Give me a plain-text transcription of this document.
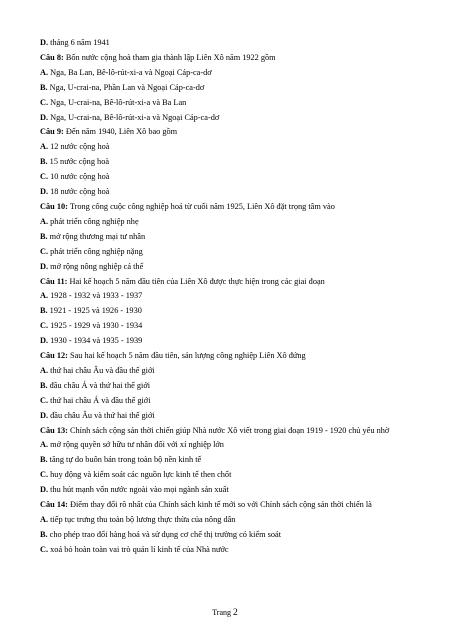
D. tháng 6 năm 1941
Câu 8: Bốn nước cộng hoà tham gia thành lập Liên Xô năm 1922 gồm
A. Nga, Ba Lan, Bê-lô-rút-xi-a và Ngoại Cáp-ca-dơ
B. Nga, U-crai-na, Phần Lan và Ngoại Cáp-ca-dơ
C. Nga, U-crai-na, Bê-lô-rút-xi-a và Ba Lan
D. Nga, U-crai-na, Bê-lô-rút-xi-a và Ngoại Cáp-ca-dơ
Câu 9: Đến năm 1940, Liên Xô bao gồm
A. 12 nước cộng hoà
B. 15 nước cộng hoà
C. 10 nước cộng hoà
D. 18 nước cộng hoà
Câu 10: Trong công cuộc công nghiệp hoá từ cuối năm 1925, Liên Xô đặt trọng tâm vào
A. phát triển công nghiệp nhẹ
B. mở rộng thương mại tư nhân
C. phát triển công nghiệp nặng
D. mở rộng nông nghiệp cá thể
Câu 11: Hai kế hoạch 5 năm đầu tiên của Liên Xô được thực hiện trong các giai đoạn
A. 1928 - 1932 và 1933 - 1937
B. 1921 - 1925 và 1926 - 1930
C. 1925 - 1929 và 1930 - 1934
D. 1930 - 1934 và 1935 - 1939
Câu 12: Sau hai kế hoạch 5 năm đầu tiên, sản lượng công nghiệp Liên Xô đứng
A. thứ hai châu Âu và đầu thế giới
B. đầu châu Á và thứ hai thế giới
C. thứ hai châu Á và đầu thế giới
D. đầu châu Âu và thứ hai thế giới
Câu 13: Chính sách cộng sản thời chiến giúp Nhà nước Xô viết trong giai đoạn 1919 - 1920 chủ yếu nhờ
A. mở rộng quyền sở hữu tư nhân đối với xí nghiệp lớn
B. tăng tự do buôn bán trong toàn bộ nền kinh tế
C. huy động và kiểm soát các nguồn lực kinh tế then chốt
D. thu hút mạnh vốn nước ngoài vào mọi ngành sản xuất
Câu 14: Điểm thay đổi rõ nhất của Chính sách kinh tế mới so với Chính sách cộng sản thời chiến là
A. tiếp tục trưng thu toàn bộ lương thực thừa của nông dân
B. cho phép trao đổi hàng hoá và sử dụng cơ chế thị trường có kiểm soát
C. xoá bỏ hoàn toàn vai trò quản lí kinh tế của Nhà nước
Trang 2
